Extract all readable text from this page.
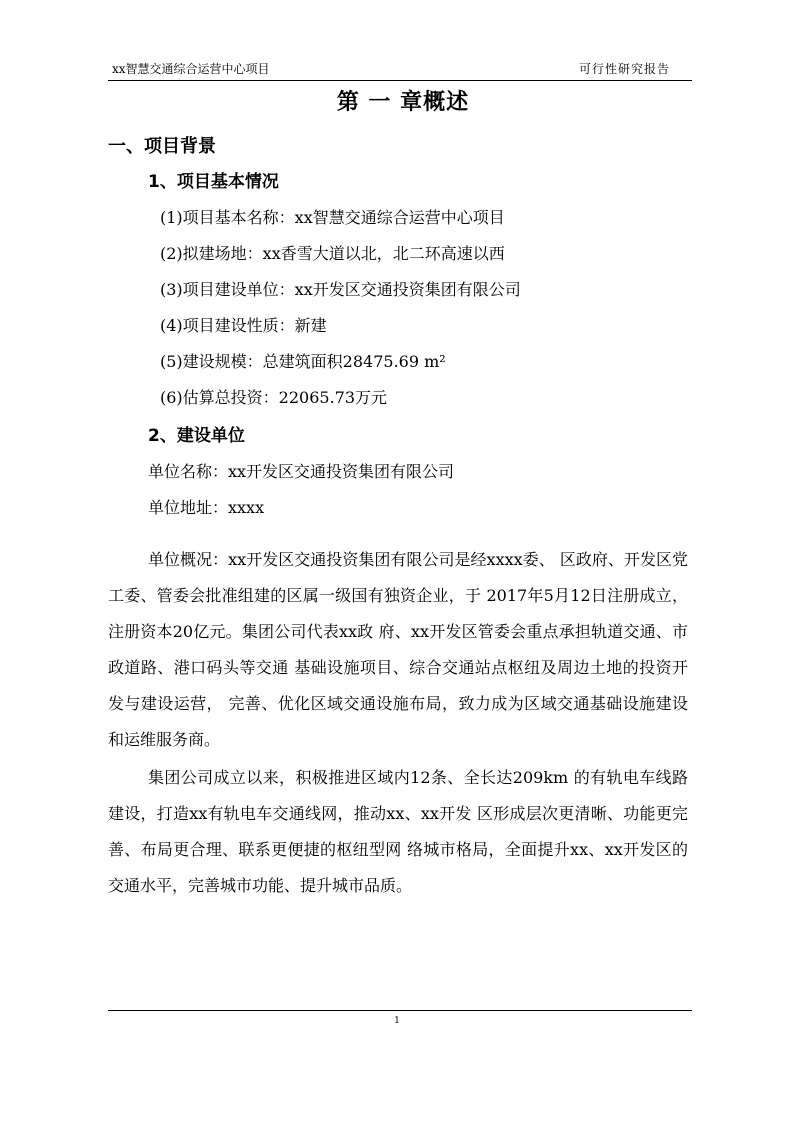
xx智慧交通综合运营中心项目	可行性研究报告
第 一 章概述
一、项目背景
1、项目基本情况
(1)项目基本名称：xx智慧交通综合运营中心项目
(2)拟建场地：xx香雪大道以北，北二环高速以西
(3)项目建设单位：xx开发区交通投资集团有限公司
(4)项目建设性质：新建
(5)建设规模：总建筑面积28475.69 m²
(6)估算总投资：22065.73万元
2、建设单位
单位名称：xx开发区交通投资集团有限公司
单位地址：xxxx

单位概况：xx开发区交通投资集团有限公司是经xxxx委、 区政府、开发区党工委、管委会批准组建的区属一级国有独资企业，于 2017年5月12日注册成立，注册资本20亿元。集团公司代表xx政 府、xx开发区管委会重点承担轨道交通、市政道路、港口码头等交通 基础设施项目、综合交通站点枢纽及周边土地的投资开发与建设运营， 完善、优化区域交通设施布局，致力成为区域交通基础设施建设和运维服务商。

集团公司成立以来，积极推进区域内12条、全长达209km 的有轨电车线路建设，打造xx有轨电车交通线网，推动xx、xx开发 区形成层次更清晰、功能更完善、布局更合理、联系更便捷的枢纽型网 络城市格局，全面提升xx、xx开发区的交通水平，完善城市功能、提升城市品质。

1
